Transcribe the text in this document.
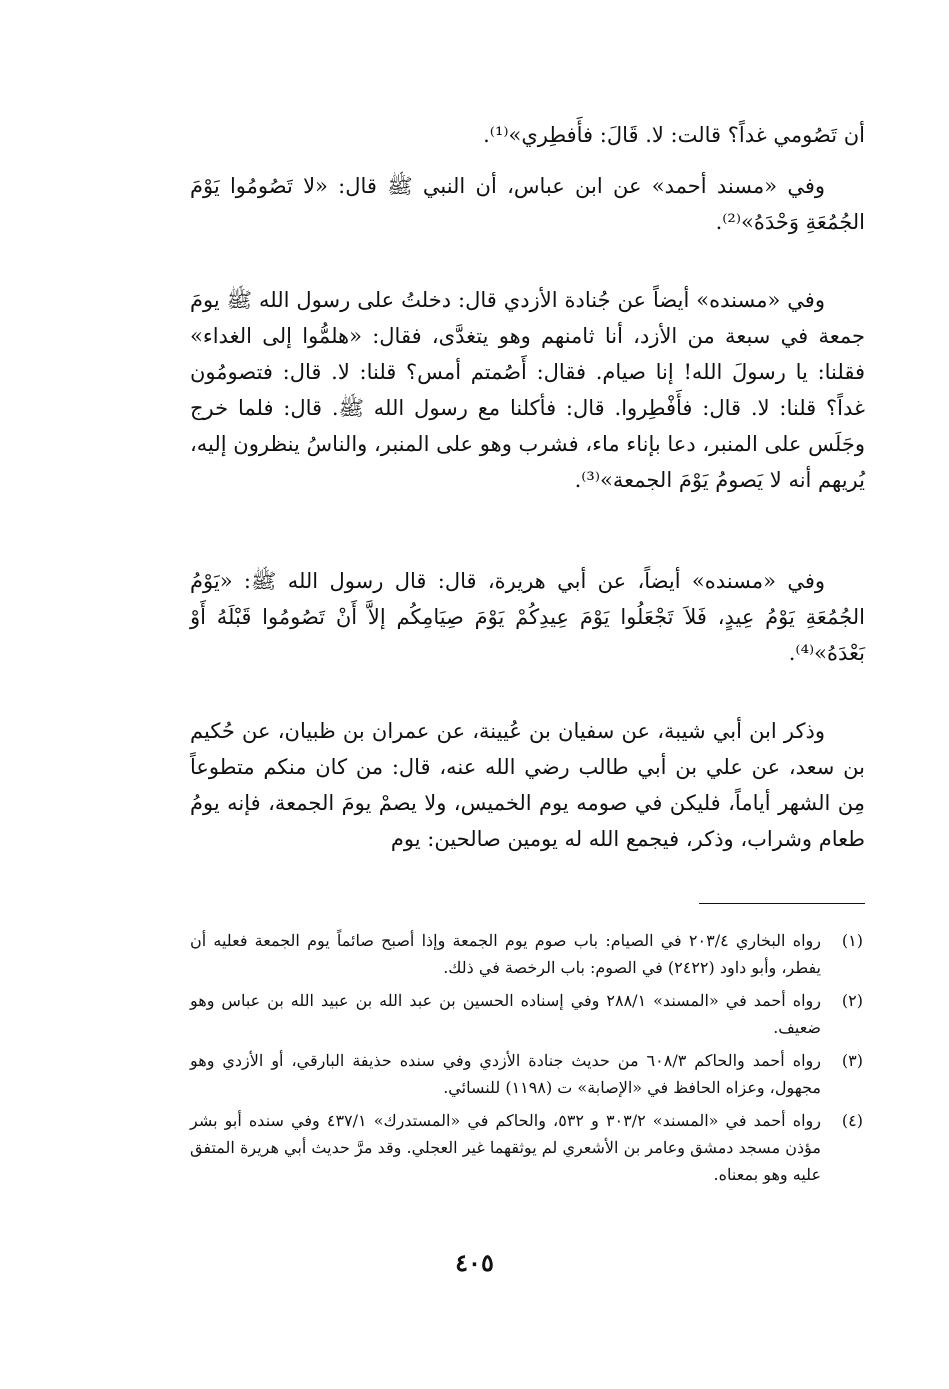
أن تَصُومي غداً؟ قالت: لا. قَالَ: فأَفطِري»⁽¹⁾.

وفي «مسند أحمد» عن ابن عباس، أن النبي ﷺ قال: «لا تَصُومُوا يَوْمَ الجُمُعَةِ وَحْدَهُ»⁽²⁾.

وفي «مسنده» أيضاً عن جُنادة الأزدي قال: دخلتُ على رسول الله ﷺ يومَ جمعة في سبعة من الأزد، أنا ثامنهم وهو يتغدَّى، فقال: «هلمُّوا إلى الغداء» فقلنا: يا رسولَ الله! إنا صيام. فقال: أَصُمتم أمس؟ قلنا: لا. قال: فتصومُون غداً؟ قلنا: لا. قال: فأَفْطِروا. قال: فأكلنا مع رسول الله ﷺ. قال: فلما خرج وجَلَس على المنبر، دعا بإناء ماء، فشرب وهو على المنبر، والناسُ ينظرون إليه، يُريهم أنه لا يَصومُ يَوْمَ الجمعة»⁽³⁾.

وفي «مسنده» أيضاً، عن أبي هريرة، قال: قال رسول الله ﷺ: «يَوْمُ الجُمُعَةِ يَوْمُ عِيدٍ، فَلاَ تَجْعَلُوا يَوْمَ عِيدِكُمْ يَوْمَ صِيَامِكُم إلاَّ أَنْ تَصُومُوا قَبْلَهُ أَوْ بَعْدَهُ»⁽⁴⁾.

وذكر ابن أبي شيبة، عن سفيان بن عُيينة، عن عمران بن ظبيان، عن حُكيم بن سعد، عن علي بن أبي طالب رضي الله عنه، قال: من كان منكم متطوعاً مِن الشهر أياماً، فليكن في صومه يوم الخميس، ولا يصمْ يومَ الجمعة، فإنه يومُ طعام وشراب، وذكر، فيجمع الله له يومين صالحين: يوم

(١)
رواه البخاري ٢٠٣/٤ في الصيام: باب صوم يوم الجمعة وإذا أصبح صائماً يوم الجمعة فعليه أن يفطر، وأبو داود (٢٤٢٢) في الصوم: باب الرخصة في ذلك.
(٢)
رواه أحمد في «المسند» ٢٨٨/١ وفي إسناده الحسين بن عبد الله بن عبيد الله بن عباس وهو ضعيف.
(٣)
رواه أحمد والحاكم ٦٠٨/٣ من حديث جنادة الأزدي وفي سنده حذيفة البارقي، أو الأزدي وهو مجهول، وعزاه الحافظ في «الإصابة» ت (١١٩٨) للنسائي.
(٤)
رواه أحمد في «المسند» ٣٠٣/٢ و ٥٣٢، والحاكم في «المستدرك» ٤٣٧/١ وفي سنده أبو بشر مؤذن مسجد دمشق وعامر بن الأشعري لم يوثقهما غير العجلي. وقد مرَّ حديث أبي هريرة المتفق عليه وهو بمعناه.
٤٠٥
